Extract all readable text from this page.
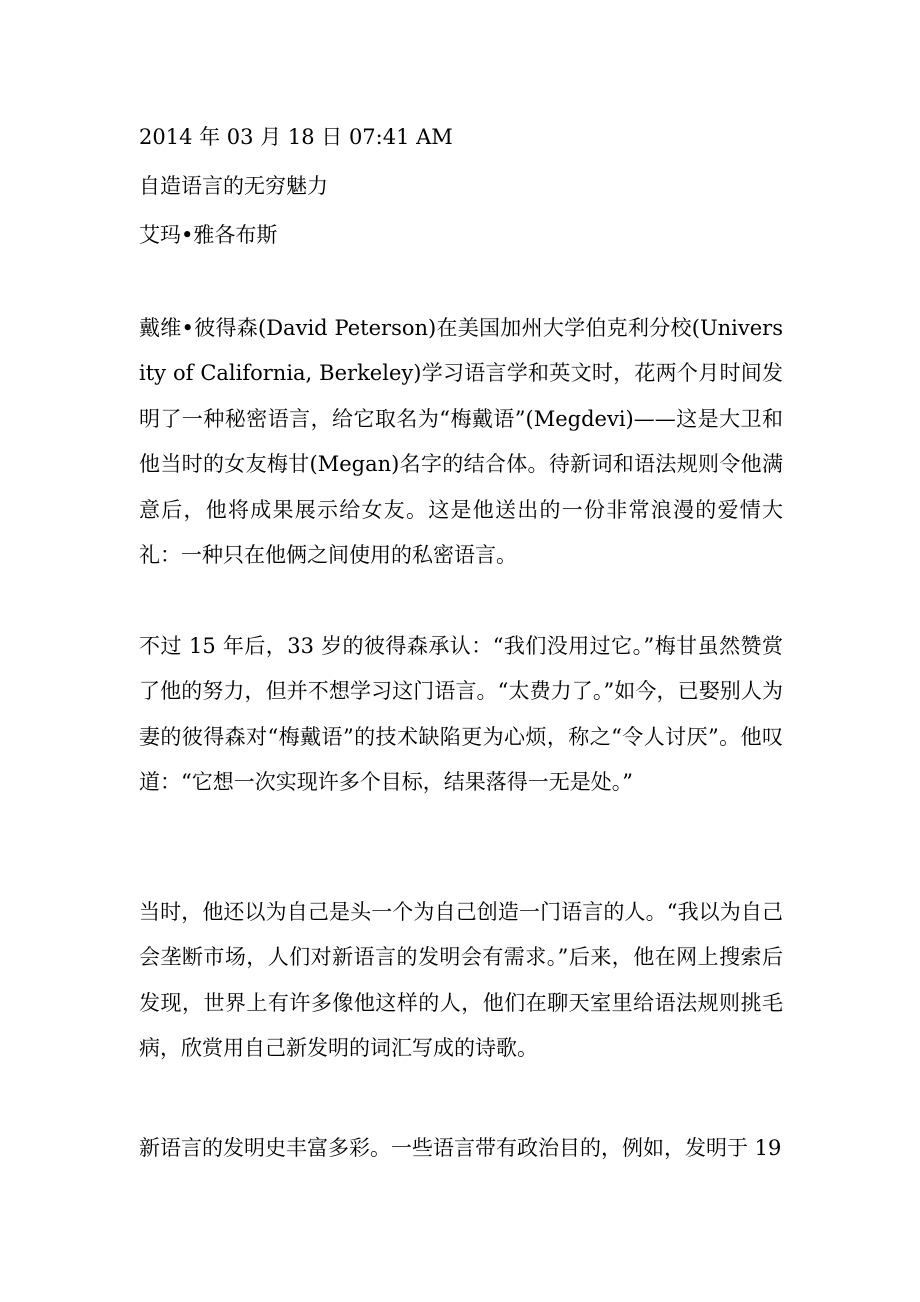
2014 年 03 月 18 日 07:41 AM

自造语言的无穷魅力

艾玛•雅各布斯

戴维•彼得森(David Peterson)在美国加州大学伯克利分校(University of California, Berkeley)学习语言学和英文时，花两个月时间发明了一种秘密语言，给它取名为“梅戴语”(Megdevi)——这是大卫和他当时的女友梅甘(Megan)名字的结合体。待新词和语法规则令他满意后，他将成果展示给女友。这是他送出的一份非常浪漫的爱情大礼：一种只在他俩之间使用的私密语言。

不过 15 年后，33 岁的彼得森承认：“我们没用过它。”梅甘虽然赞赏了他的努力，但并不想学习这门语言。“太费力了。”如今，已娶别人为妻的彼得森对“梅戴语”的技术缺陷更为心烦，称之“令人讨厌”。他叹道：“它想一次实现许多个目标，结果落得一无是处。”

当时，他还以为自己是头一个为自己创造一门语言的人。“我以为自己会垄断市场，人们对新语言的发明会有需求。”后来，他在网上搜索后发现，世界上有许多像他这样的人，他们在聊天室里给语法规则挑毛病，欣赏用自己新发明的词汇写成的诗歌。

新语言的发明史丰富多彩。一些语言带有政治目的，例如，发明于 19
